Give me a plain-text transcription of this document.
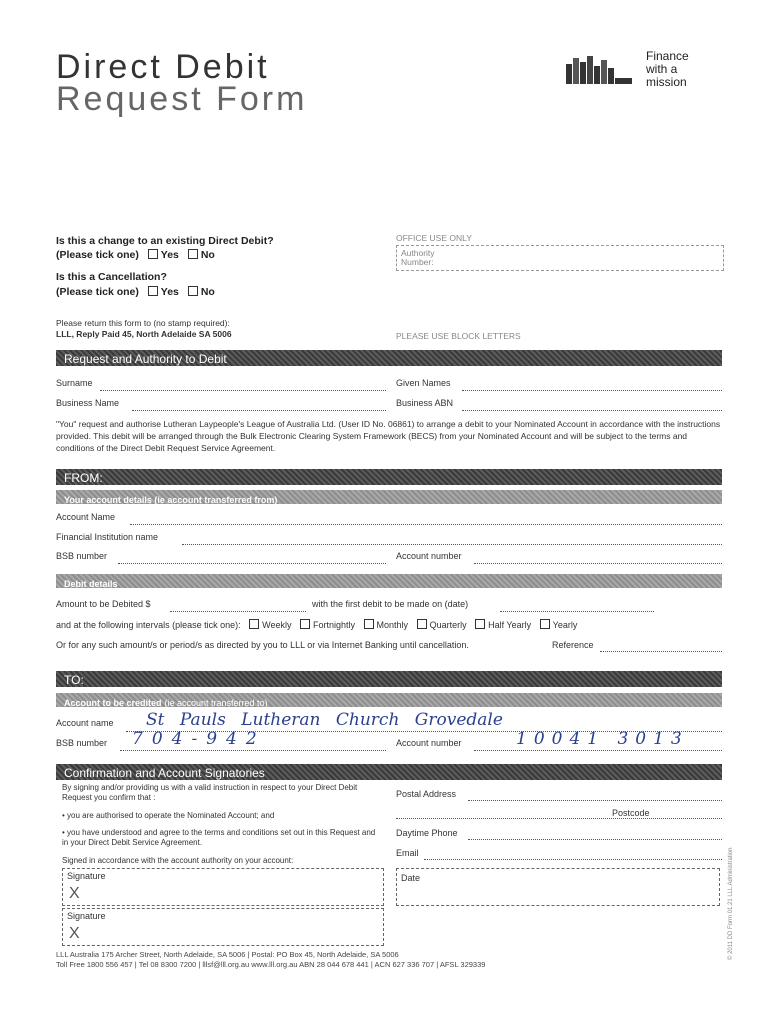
Direct Debit
Request Form
Finance
with a
mission
Is this a change to an existing Direct Debit?
(Please tick one) Yes No
Is this a Cancellation?
(Please tick one) Yes No
OFFICE USE ONLY
Authority
Number:
Please return this form to (no stamp required):
LLL, Reply Paid 45, North Adelaide SA 5006	PLEASE USE BLOCK LETTERS
Request and Authority to Debit
Surname	Given Names
Business Name	Business ABN
"You" request and authorise Lutheran Laypeople's League of Australia Ltd. (User ID No. 06861) to arrange a debit to your Nominated Account in accordance with the instructions provided. This debit will be arranged through the Bulk Electronic Clearing System Framework (BECS) from your Nominated Account and will be subject to the terms and conditions of the Direct Debit Request Service Agreement.
FROM:
Your account details (ie account transferred from)
Account Name
Financial Institution name
BSB number	Account number
Debit details
Amount to be Debited $	with the first debit to be made on (date)
and at the following intervals (please tick one): Weekly Fortnightly Monthly Quarterly Half Yearly Yearly
Or for any such amount/s or period/s as directed by you to LLL or via Internet Banking until cancellation.	Reference
TO:
Account to be credited (ie account transferred to)
Account name St Pauls Lutheran Church Grovedale
BSB number 704-942	Account number	10041 3013
Confirmation and Account Signatories
By signing and/or providing us with a valid instruction in respect to your Direct Debit Request you confirm that :
• you are authorised to operate the Nominated Account; and
• you have understood and agree to the terms and conditions set out in this Request and in your Direct Debit Service Agreement.
Signed in accordance with the account authority on your account:
Signature
X
Signature
X
Postal Address
Postcode
Daytime Phone
Email
Date
LLL Australia 175 Archer Street, North Adelaide, SA 5006 | Postal: PO Box 45, North Adelaide, SA 5006
Toll Free 1800 556 457 | Tel 08 8300 7200 | lllsf@lll.org.au www.lll.org.au ABN 28 044 678 441 | ACN 627 336 707 | AFSL 329339
© 2011 DD Form 01.21 LLL Administration
